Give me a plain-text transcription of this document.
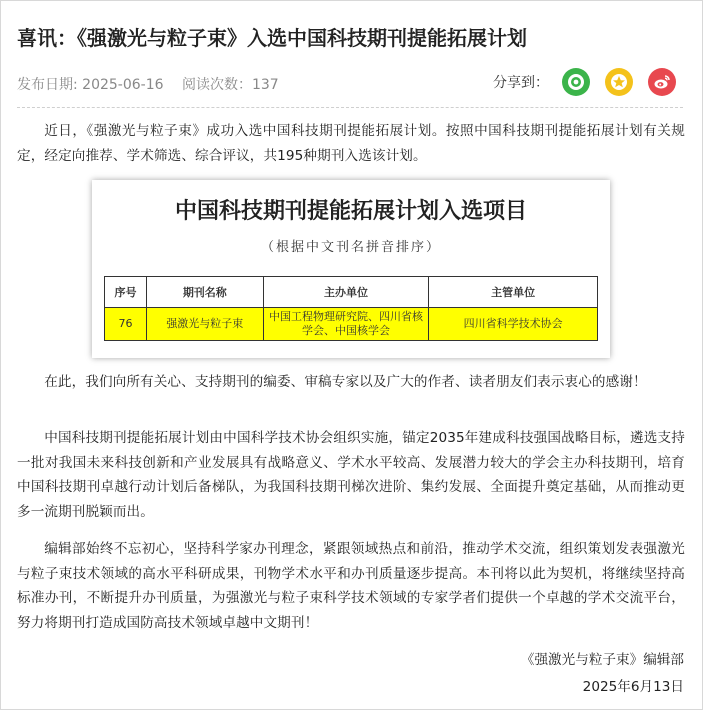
喜讯：《强激光与粒子束》入选中国科技期刊提能拓展计划
发布日期: 2025-06-16 阅读次数：137	分享到：
近日，《强激光与粒子束》成功入选中国科技期刊提能拓展计划。按照中国科技期刊提能拓展计划有关规定，经定向推荐、学术筛选、综合评议，共195种期刊入选该计划。
中国科技期刊提能拓展计划入选项目
（根据中文刊名拼音排序）
序号	期刊名称	主办单位	主管单位
76	强激光与粒子束	中国工程物理研究院、四川省核学会、中国核学会	四川省科学技术协会
在此，我们向所有关心、支持期刊的编委、审稿专家以及广大的作者、读者朋友们表示衷心的感谢！
中国科技期刊提能拓展计划由中国科学技术协会组织实施，锚定2035年建成科技强国战略目标，遴选支持一批对我国未来科技创新和产业发展具有战略意义、学术水平较高、发展潜力较大的学会主办科技期刊，培育中国科技期刊卓越行动计划后备梯队，为我国科技期刊梯次进阶、集约发展、全面提升奠定基础，从而推动更多一流期刊脱颖而出。
编辑部始终不忘初心，坚持科学家办刊理念，紧跟领域热点和前沿，推动学术交流，组织策划发表强激光与粒子束技术领域的高水平科研成果，刊物学术水平和办刊质量逐步提高。本刊将以此为契机，将继续坚持高标准办刊，不断提升办刊质量，为强激光与粒子束科学技术领域的专家学者们提供一个卓越的学术交流平台，努力将期刊打造成国防高技术领域卓越中文期刊！
《强激光与粒子束》编辑部
2025年6月13日
